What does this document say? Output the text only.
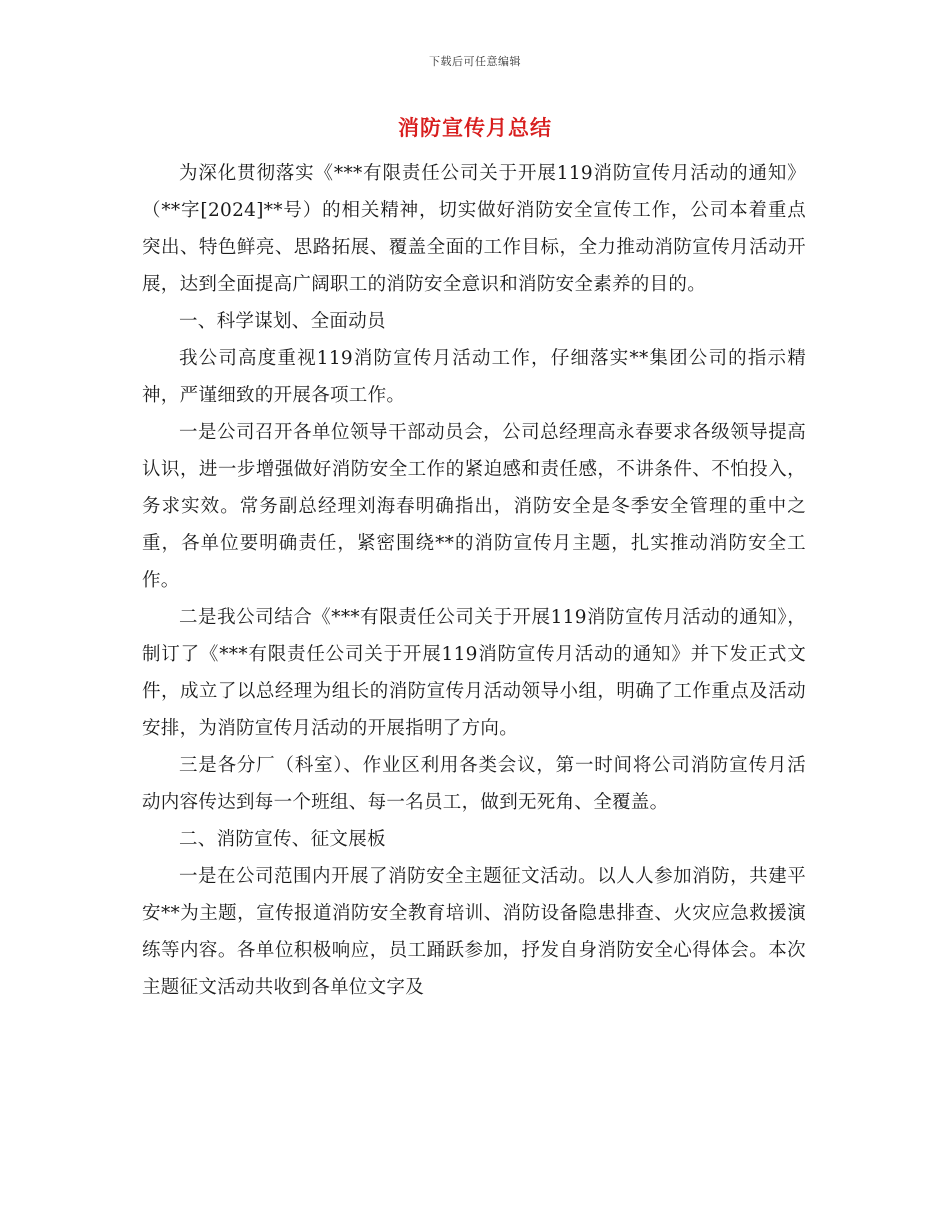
下载后可任意编辑
消防宣传月总结

为深化贯彻落实《***有限责任公司关于开展119消防宣传月活动的通知》（**字[2024]**号）的相关精神，切实做好消防安全宣传工作，公司本着重点突出、特色鲜亮、思路拓展、覆盖全面的工作目标，全力推动消防宣传月活动开展，达到全面提高广阔职工的消防安全意识和消防安全素养的目的。

一、科学谋划、全面动员

我公司高度重视119消防宣传月活动工作，仔细落实**集团公司的指示精神，严谨细致的开展各项工作。

一是公司召开各单位领导干部动员会，公司总经理高永春要求各级领导提高认识，进一步增强做好消防安全工作的紧迫感和责任感，不讲条件、不怕投入，务求实效。常务副总经理刘海春明确指出，消防安全是冬季安全管理的重中之重，各单位要明确责任，紧密围绕**的消防宣传月主题，扎实推动消防安全工作。

二是我公司结合《***有限责任公司关于开展119消防宣传月活动的通知》，制订了《***有限责任公司关于开展119消防宣传月活动的通知》并下发正式文件，成立了以总经理为组长的消防宣传月活动领导小组，明确了工作重点及活动安排，为消防宣传月活动的开展指明了方向。

三是各分厂（科室）、作业区利用各类会议，第一时间将公司消防宣传月活动内容传达到每一个班组、每一名员工，做到无死角、全覆盖。

二、消防宣传、征文展板

一是在公司范围内开展了消防安全主题征文活动。以人人参加消防，共建平安**为主题，宣传报道消防安全教育培训、消防设备隐患排查、火灾应急救援演练等内容。各单位积极响应，员工踊跃参加，抒发自身消防安全心得体会。本次主题征文活动共收到各单位文字及
